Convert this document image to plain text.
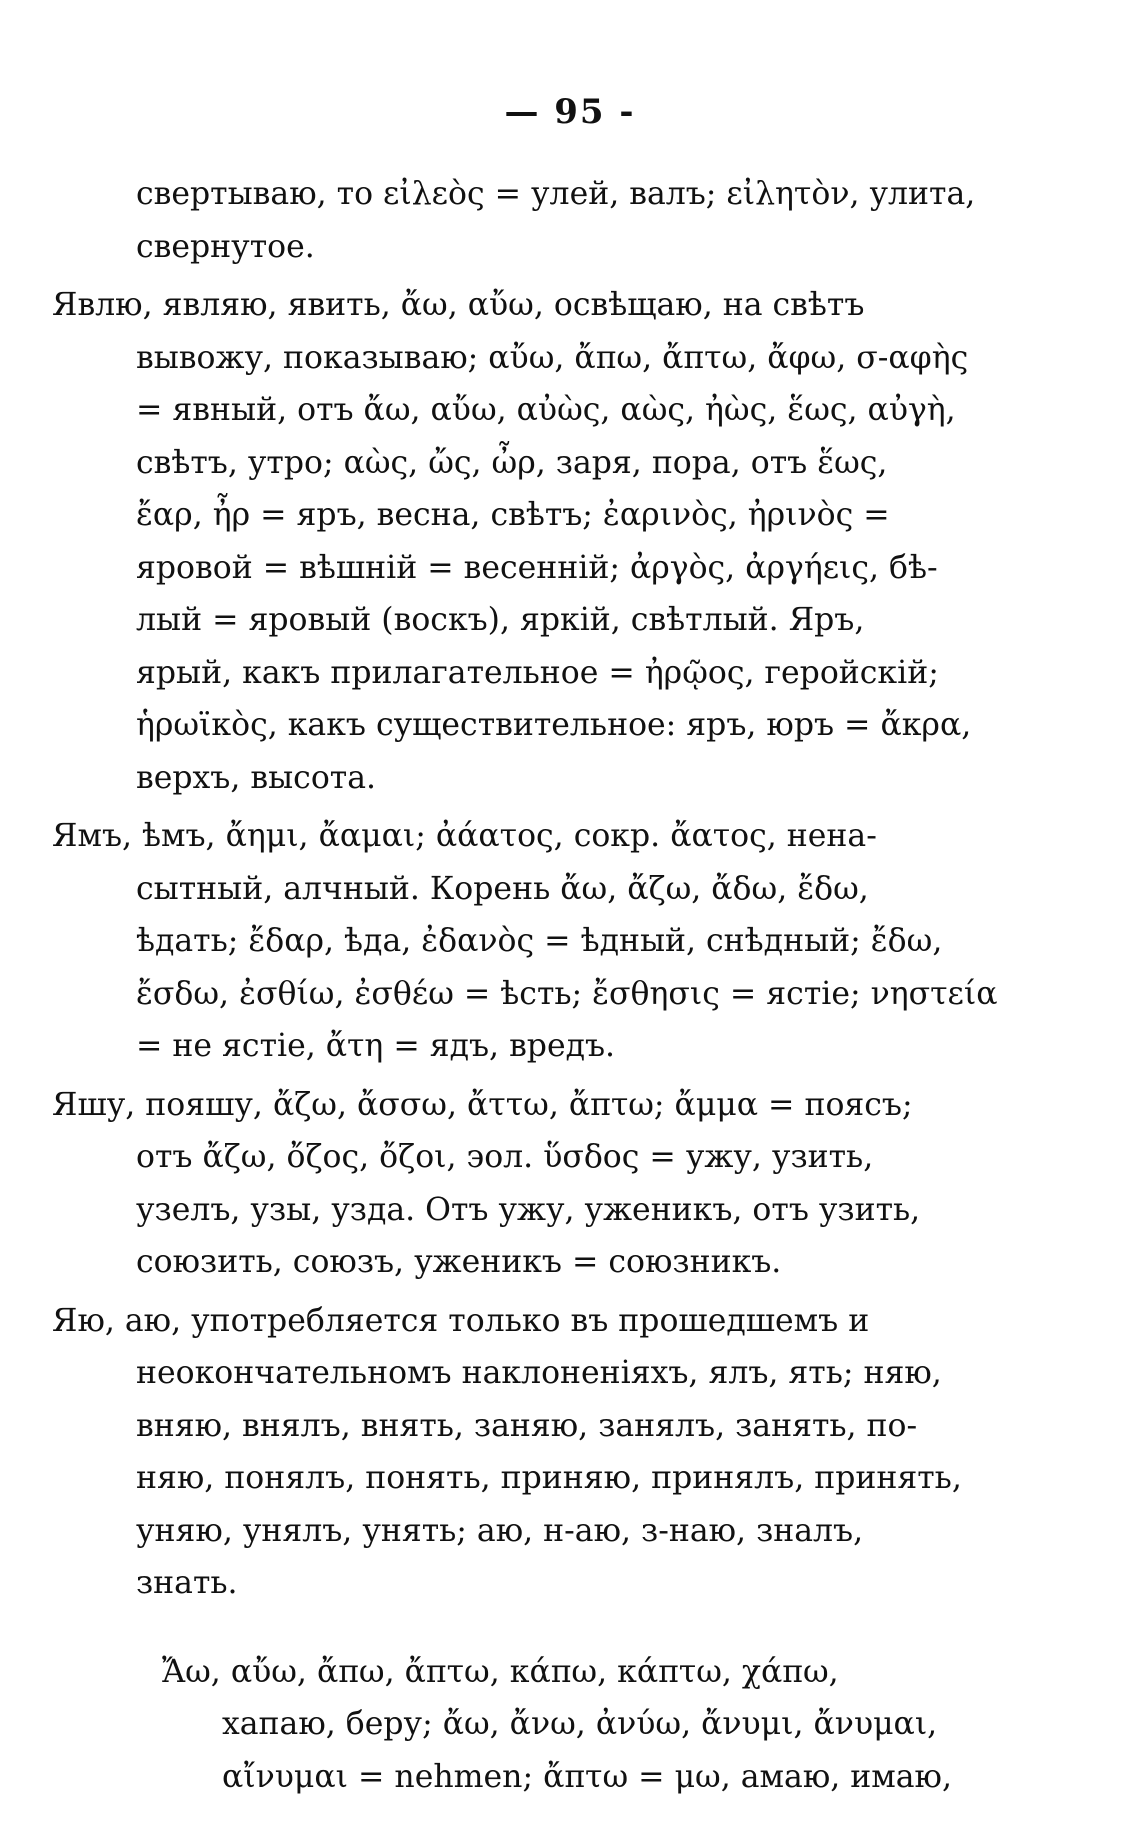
— 95 -
свертываю, то εἰλεὸς = улей, валъ; εἰλητὸν, улита,
свернутое.
Явлю, являю, явить, ἄω, αὔω, освѣщаю, на свѣтъ
вывожу, показываю; αὔω, ἄπω, ἄπτω, ἄφω, σ-αφὴς
= явный, отъ ἄω, αὔω, αὐὼς, αὼς, ἠὼς, ἕως, αὐγὴ,
свѣтъ, утро; αὼς, ὤς, ὦρ, заря, пора, отъ ἕως,
ἔαρ, ἦρ = яръ, весна, свѣтъ; ἐαρινὸς, ἠρινὸς =
яровой = вѣшній = весенній; ἀργὸς, ἀργήεις, бѣ-
лый = яровый (воскъ), яркій, свѣтлый. Яръ,
ярый, какъ прилагательное = ἠρῷος, геройскій;
ἡρωϊκὸς, какъ существительное: яръ, юръ = ἄκρα,
верхъ, высота.
Ямъ, ѣмъ, ἄημι, ἄαμαι; ἀάατος, сокр. ἄατος, нена-
сытный, алчный. Корень ἄω, ἄζω, ἄδω, ἔδω,
ѣдать; ἔδαρ, ѣда, ἐδανὸς = ѣдный, снѣдный; ἔδω,
ἔσδω, ἐσθίω, ἐσθέω = ѣсть; ἔσθησις = ястіе; νηστεία
= не ястіе, ἄτη = ядъ, вредъ.
Яшу, пояшу, ἄζω, ἄσσω, ἄττω, ἄπτω; ἄμμα = поясъ;
отъ ἄζω, ὄζος, ὄζοι, эол. ὕσδος = ужу, узить,
узелъ, узы, узда. Отъ ужу, уженикъ, отъ узить,
союзить, союзъ, уженикъ = союзникъ.
Яю, аю, употребляется только въ прошедшемъ и
неокончательномъ наклоненіяхъ, ялъ, ять; няю,
вняю, внялъ, внять, заняю, занялъ, занять, по-
няю, понялъ, понять, приняю, принялъ, принять,
уняю, унялъ, унять; аю, н-аю, з-наю, зналъ,
знать.
Ἄω, αὔω, ἄπω, ἄπτω, κάπω, κάπτω, χάπω,
хапаю, беру; ἄω, ἄνω, ἀνύω, ἄνυμι, ἄνυμαι,
αἴνυμαι = nehmen; ἄπτω = μω, амаю, имаю,
